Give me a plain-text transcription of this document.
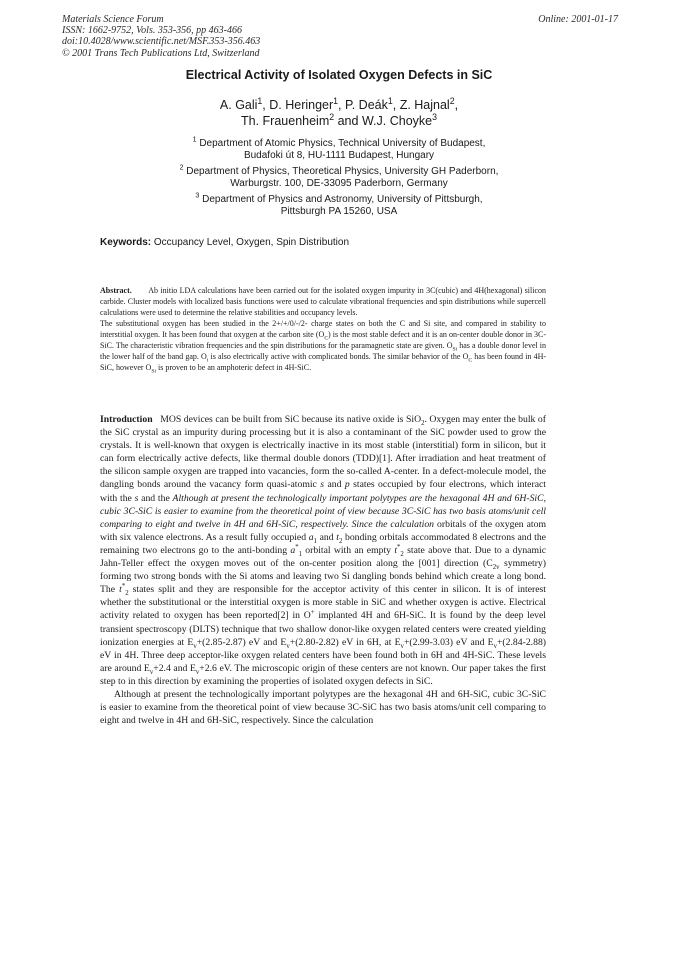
Materials Science Forum
ISSN: 1662-9752, Vols. 353-356, pp 463-466
doi:10.4028/www.scientific.net/MSF.353-356.463
© 2001 Trans Tech Publications Ltd, Switzerland
Online: 2001-01-17
Electrical Activity of Isolated Oxygen Defects in SiC
A. Gali$^1$, D. Heringer$^1$, P. Deák$^1$, Z. Hajnal$^2$,
Th. Frauenheim$^2$ and W.J. Choyke$^3$
$^1$ Department of Atomic Physics, Technical University of Budapest,
Budafoki út 8, HU-1111 Budapest, Hungary
$^2$ Department of Physics, Theoretical Physics, University GH Paderborn,
Warburgstr. 100, DE-33095 Paderborn, Germany
$^3$ Department of Physics and Astronomy, University of Pittsburgh,
Pittsburgh PA 15260, USA
Keywords: Occupancy Level, Oxygen, Spin Distribution

Abstract. Ab initio LDA calculations have been carried out for the isolated oxygen impurity in 3C(cubic) and 4H(hexagonal) silicon carbide. Cluster models with localized basis functions were used to calculate vibrational frequencies and spin distributions while supercell calculations were used to determine the relative stabilities and occupancy levels.

The substitutional oxygen has been studied in the 2+/+/0/-/2- charge states on both the C and Si site, and compared in stability to interstitial oxygen. It has been found that oxygen at the carbon site $(O_C)$ is the most stable defect and it is an on-center double donor in 3C-SiC. The characteristic vibration frequencies and the spin distributions for the paramagnetic state are given. $O_{Si}$ has a double donor level in the lower half of the band gap. $O_i$ is also electrically active with complicated bonds. The similar behavior of the $O_C$ has been found in 4H-SiC, however $O_{Si}$ is proven to be an amphoteric defect in 4H-SiC.

Introduction MOS devices can be built from SiC because its native oxide is SiO$_2$. Oxygen may enter the bulk of the SiC crystal as an impurity during processing but it is also a contaminant of the SiC powder used to grow the crystals. It is well-known that oxygen is electrically inactive in its most stable (interstitial) form in silicon, but it can form electrically active defects, like thermal double donors (TDD)[1]. After irradiation and heat treatment of the silicon sample oxygen are trapped into vacancies, form the so-called A-center. In a defect-molecule model, the dangling bonds around the vacancy form quasi-atomic s and p states occupied by four electrons, which interact with the s and the Although at present the technologically important polytypes are the hexagonal 4H and 6H-SiC, cubic 3C-SiC is easier to examine from the theoretical point of view because 3C-SiC has two basis atoms/unit cell comparing to eight and twelve in 4H and 6H-SiC, respectively. Since the calculation orbitals of the oxygen atom with six valence electrons. As a result fully occupied $a_1$ and $t_2$ bonding orbitals accommodated 8 electrons and the remaining two electrons go to the anti-bonding $a^*_1$ orbital with an empty $t^*_2$ state above that. Due to a dynamic Jahn-Teller effect the oxygen moves out of the on-center position along the [001] direction ($C_{2v}$ symmetry) forming two strong bonds with the Si atoms and leaving two Si dangling bonds behind which create a long bond. The $t^*_2$ states split and they are responsible for the acceptor activity of this center in silicon. It is of interest whether the substitutional or the interstitial oxygen is more stable in SiC and whether oxygen is active. Electrical activity related to oxygen has been reported[2] in O+ implanted 4H and 6H-SiC. It is found by the deep level transient spectroscopy (DLTS) technique that two shallow donor-like oxygen related centers were created yielding ionization energies at $E_v+(2.85-2.87)$ eV and $E_v+(2.80-2.82)$ eV in 6H, at $E_v+(2.99-3.03)$ eV and $E_v+(2.84-2.88)$ eV in 4H. Three deep acceptor-like oxygen related centers have been found both in 6H and 4H-SiC. These levels are around $E_v+2.4$ and $E_v+2.6$ eV. The microscopic origin of these centers are not known. Our paper takes the first step to in this direction by examining the properties of isolated oxygen defects in SiC.

Although at present the technologically important polytypes are the hexagonal 4H and 6H-SiC, cubic 3C-SiC is easier to examine from the theoretical point of view because 3C-SiC has two basis atoms/unit cell comparing to eight and twelve in 4H and 6H-SiC, respectively. Since the calculation
